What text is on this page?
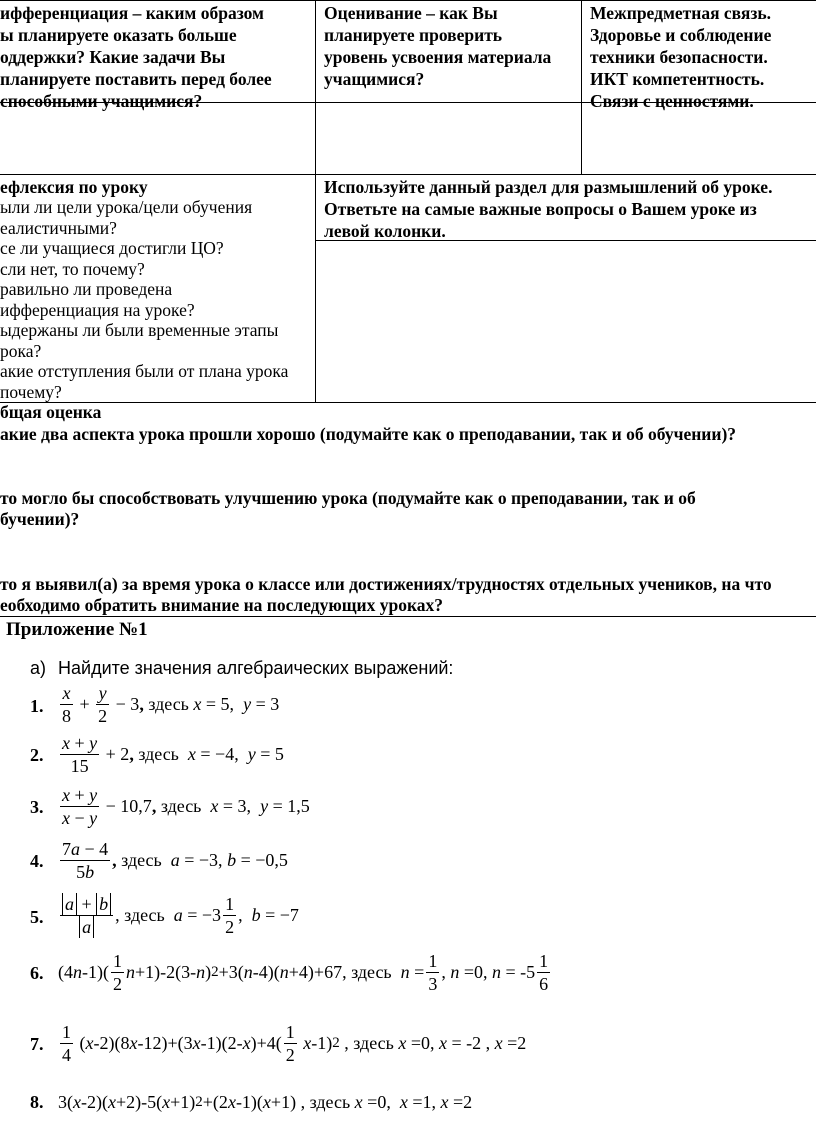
ифференциация – каким образом
ы планируете оказать больше
оддержки? Какие задачи Вы
планируете поставить перед более
способными учащимися?
Оценивание – как Вы
планируете проверить
уровень усвоения материала
учащимися?
Межпредметная связь.
Здоровье и соблюдение
техники безопасности.
ИКТ компетентность.
Связи с ценностями.
ефлексия по уроку
ыли ли цели урока/цели обучения
еалистичными?
се ли учащиеся достигли ЦО?
сли нет, то почему?
равильно ли проведена
ифференциация на уроке?
ыдержаны ли были временные этапы
рока?
акие отступления были от плана урока
почему?
Используйте данный раздел для размышлений об уроке.
Ответьте на самые важные вопросы о Вашем уроке из
левой колонки.
бщая оценка
акие два аспекта урока прошли хорошо (подумайте как о преподавании, так и об обучении)?
то могло бы способствовать улучшению урока (подумайте как о преподавании, так и об
бучении)?
то я выявил(а) за время урока о классе или достижениях/трудностях отдельных учеников, на что
еобходимо обратить внимание на последующих уроках?
Приложение №1
а) Найдите значения алгебраических выражений:
1.
2.
3.
4.
5.
6.
7.
8.
$\frac{x}{8} + \frac{y}{2} - 3$ ,
здесь
x = 5, y = 3
$\frac{x + y}{15} + 2$ ,
здесь
x = −4, y = 5
$\frac{x + y}{x - y} - 10,7$ ,
здесь
x = 3, y = 1,5
$\frac{7a - 4}{5b}$ ,
здесь
a = −3, b = −0,5
$\frac{a + b}{a}$ , здесь
$a = -3 \frac{1}{2}$ , b = −7
(4 n $-1)( \frac{1}{2}$ n +1)-2(3- n ) 2 +3( n -4)( n +4)+67, здесь
$n = \frac{1}{3}$ , n =0, $n = -5 \frac{1}{6}$
$\frac{1}{4}$ ( x -2)(8 x -12)+(3 x -1)(2- x )$+4( \frac{1}{2}$
x -1) 2 , здесь
x =0, x = -2 , x =2
3( x -2)( x +2)-5( x +1) 2 +(2 x -1)( x +1) , здесь
x =0, x =1, x =2
